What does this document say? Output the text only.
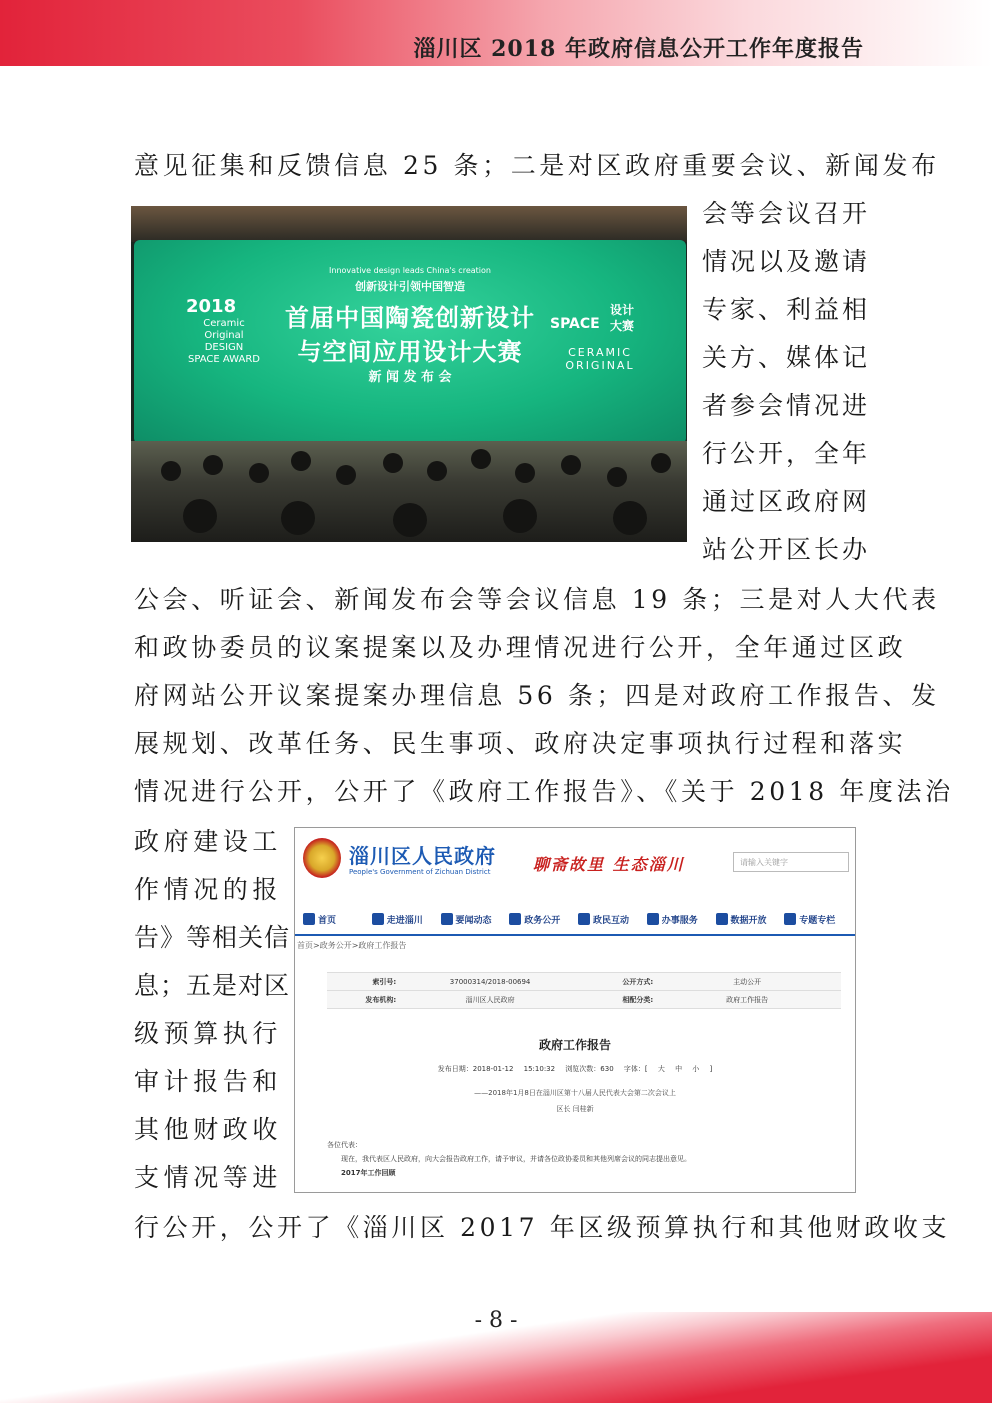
淄川区 2018 年政府信息公开工作年度报告
意见征集和反馈信息 25 条；二是对区政府重要会议、新闻发布
Innovative design leads China's creation
创新设计引领中国智造
2018
Ceramic Original DESIGN SPACE AWARD
首届中国陶瓷创新设计
与空间应用设计大赛
新 闻 发 布 会
SPACE
设计 大赛
CERAMIC ORIGINAL
会等会议召开
情况以及邀请
专家、利益相
关方、媒体记
者参会情况进
行公开，全年
通过区政府网
站公开区长办
公会、听证会、新闻发布会等会议信息 19 条；三是对人大代表
和政协委员的议案提案以及办理情况进行公开，全年通过区政
府网站公开议案提案办理信息 56 条；四是对政府工作报告、发
展规划、改革任务、民生事项、政府决定事项执行过程和落实
情况进行公开，公开了《政府工作报告》、《关于 2018 年度法治
政府建设工
作情况的报
告》等相关信
息；五是对区
级预算执行
审计报告和
其他财政收
支情况等进
淄川区人民政府
People's Government of Zichuan District	聊斋故里 生态淄川	请输入关键字
首页	走进淄川	要闻动态	政务公开	政民互动	办事服务	数据开放	专题专栏
首页>政务公开>政府工作报告
索引号:	37000314/2018-00694	公开方式:	主动公开
发布机构:	淄川区人民政府	相配分类:	政府工作报告
政府工作报告
发布日期：2018-01-12 15:10:32 浏览次数：630 字体：[ 大 中 小 ]
——2018年1月8日在淄川区第十八届人民代表大会第二次会议上
区长 闫桂新
各位代表：
现在，我代表区人民政府，向大会报告政府工作，请予审议，并请各位政协委员和其他列席会议的同志提出意见。
2017年工作回顾
行公开，公开了《淄川区 2017 年区级预算执行和其他财政收支
- 8 -
